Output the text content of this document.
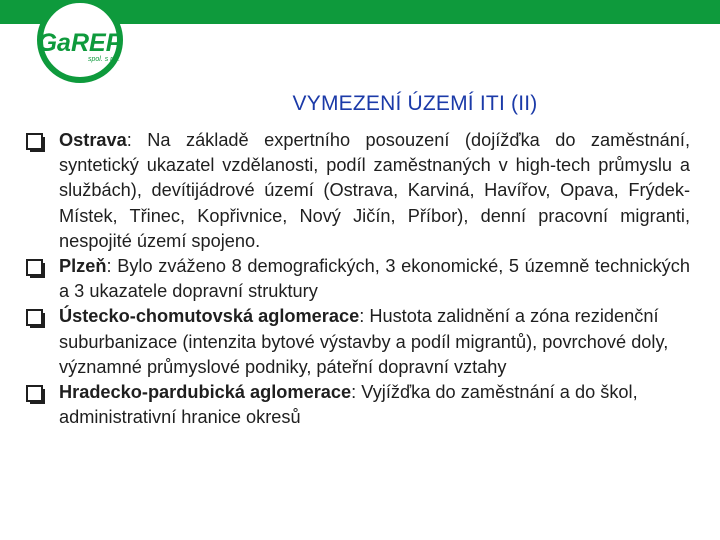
GaREP
spol. s r.o.
VYMEZENÍ ÚZEMÍ ITI (II)
Ostrava: Na základě expertního posouzení (dojížďka do zaměstnání, syntetický ukazatel vzdělanosti, podíl zaměstnaných v high-tech průmyslu a službách), devítijádrové území (Ostrava, Karviná, Havířov, Opava, Frýdek-Místek, Třinec, Kopřivnice, Nový Jičín, Příbor), denní pracovní migranti, nespojité území spojeno.
Plzeň: Bylo zváženo 8 demografických, 3 ekonomické, 5 územně technických a 3 ukazatele dopravní struktury
Ústecko-chomutovská aglomerace: Hustota zalidnění a zóna rezidenční suburbanizace (intenzita bytové výstavby a podíl migrantů), povrchové doly, významné průmyslové podniky, páteřní dopravní vztahy
Hradecko-pardubická aglomerace: Vyjížďka do zaměstnání a do škol, administrativní hranice okresů
